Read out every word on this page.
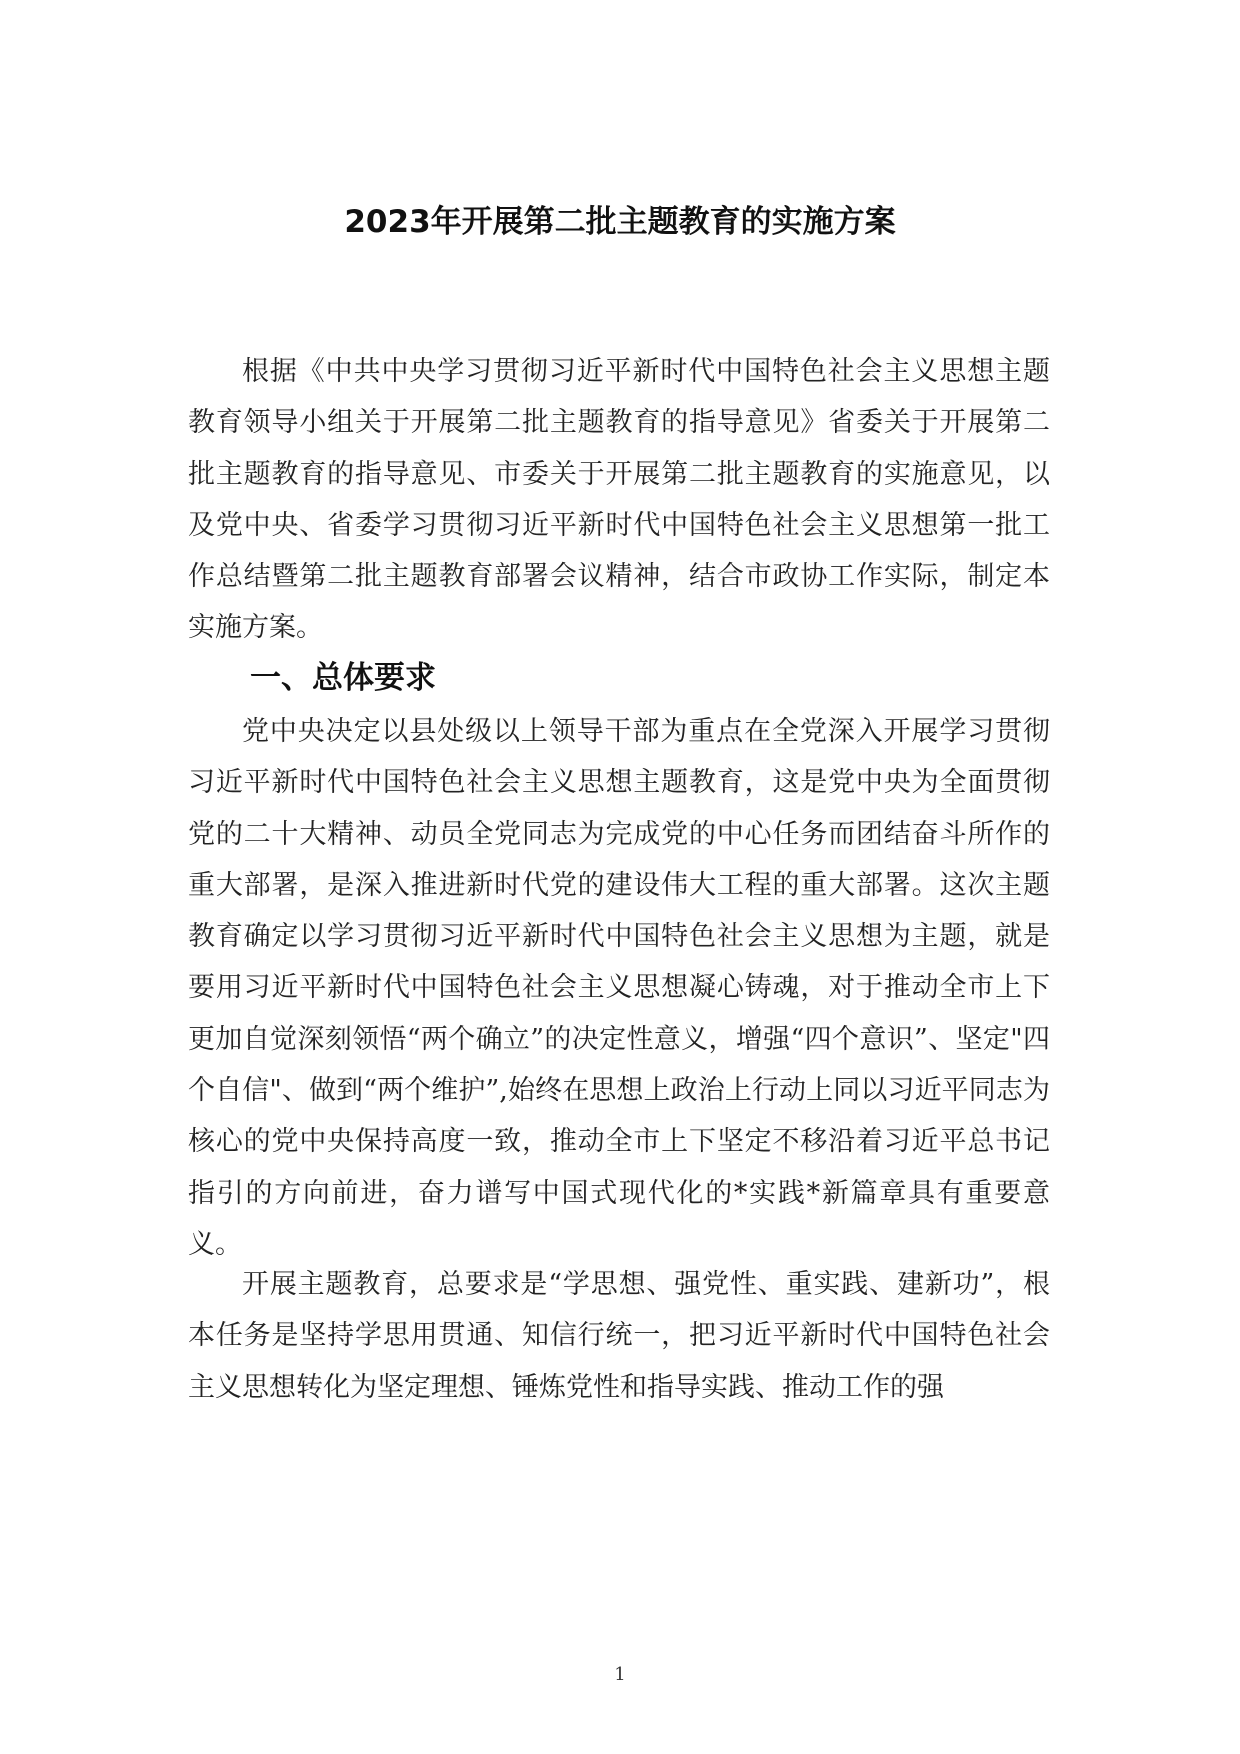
2023年开展第二批主题教育的实施方案

根据《中共中央学习贯彻习近平新时代中国特色社会主义思想主题教育领导小组关于开展第二批主题教育的指导意见》省委关于开展第二批主题教育的指导意见、市委关于开展第二批主题教育的实施意见，以及党中央、省委学习贯彻习近平新时代中国特色社会主义思想第一批工作总结暨第二批主题教育部署会议精神，结合市政协工作实际，制定本实施方案。

一、总体要求

党中央决定以县处级以上领导干部为重点在全党深入开展学习贯彻习近平新时代中国特色社会主义思想主题教育，这是党中央为全面贯彻党的二十大精神、动员全党同志为完成党的中心任务而团结奋斗所作的重大部署，是深入推进新时代党的建设伟大工程的重大部署。这次主题教育确定以学习贯彻习近平新时代中国特色社会主义思想为主题，就是要用习近平新时代中国特色社会主义思想凝心铸魂，对于推动全市上下更加自觉深刻领悟“两个确立”的决定性意义，增强“四个意识”、坚定"四个自信"、做到“两个维护”,始终在思想上政治上行动上同以习近平同志为核心的党中央保持高度一致，推动全市上下坚定不移沿着习近平总书记指引的方向前进，奋力谱写中国式现代化的*实践*新篇章具有重要意义。

开展主题教育，总要求是“学思想、强党性、重实践、建新功”，根本任务是坚持学思用贯通、知信行统一，把习近平新时代中国特色社会主义思想转化为坚定理想、锤炼党性和指导实践、推动工作的强

1
